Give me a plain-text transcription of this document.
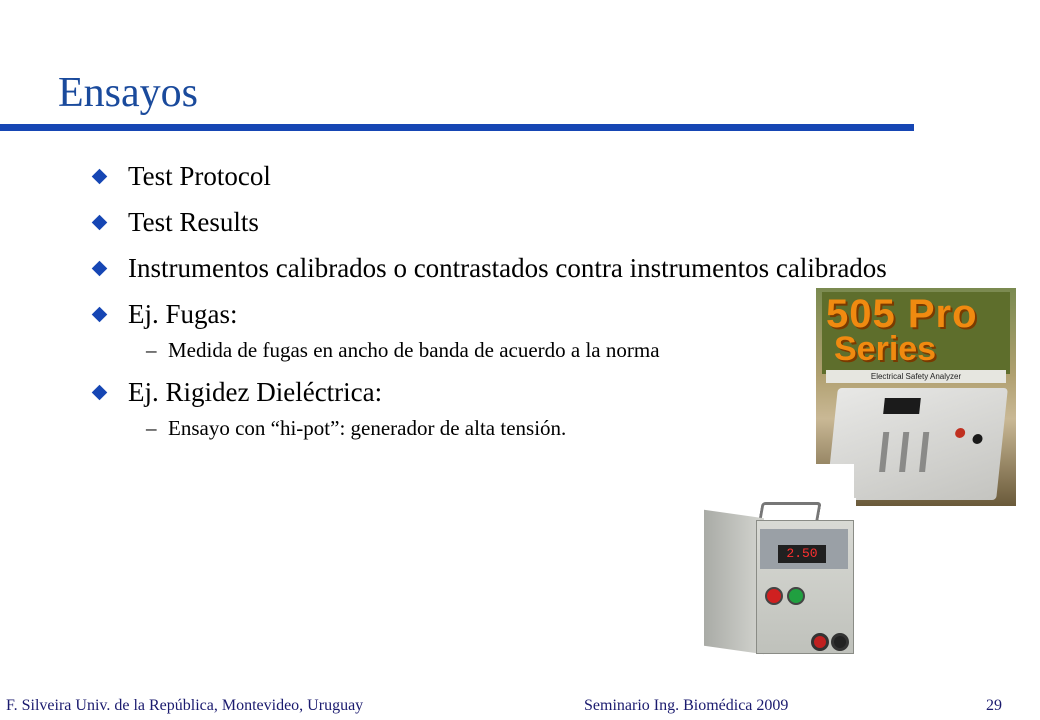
Ensayos

Test Protocol

Test Results

Instrumentos calibrados o contrastados contra instrumentos calibrados

Ej. Fugas:

– Medida de fugas en ancho de banda de acuerdo a la norma

Ej. Rigidez Dieléctrica:

– Ensayo con “hi-pot”: generador de alta tensión.

505 Pro
Series
Electrical Safety Analyzer
2.50
F. Silveira Univ. de la República, Montevideo, Uruguay	Seminario Ing. Biomédica 2009	29
